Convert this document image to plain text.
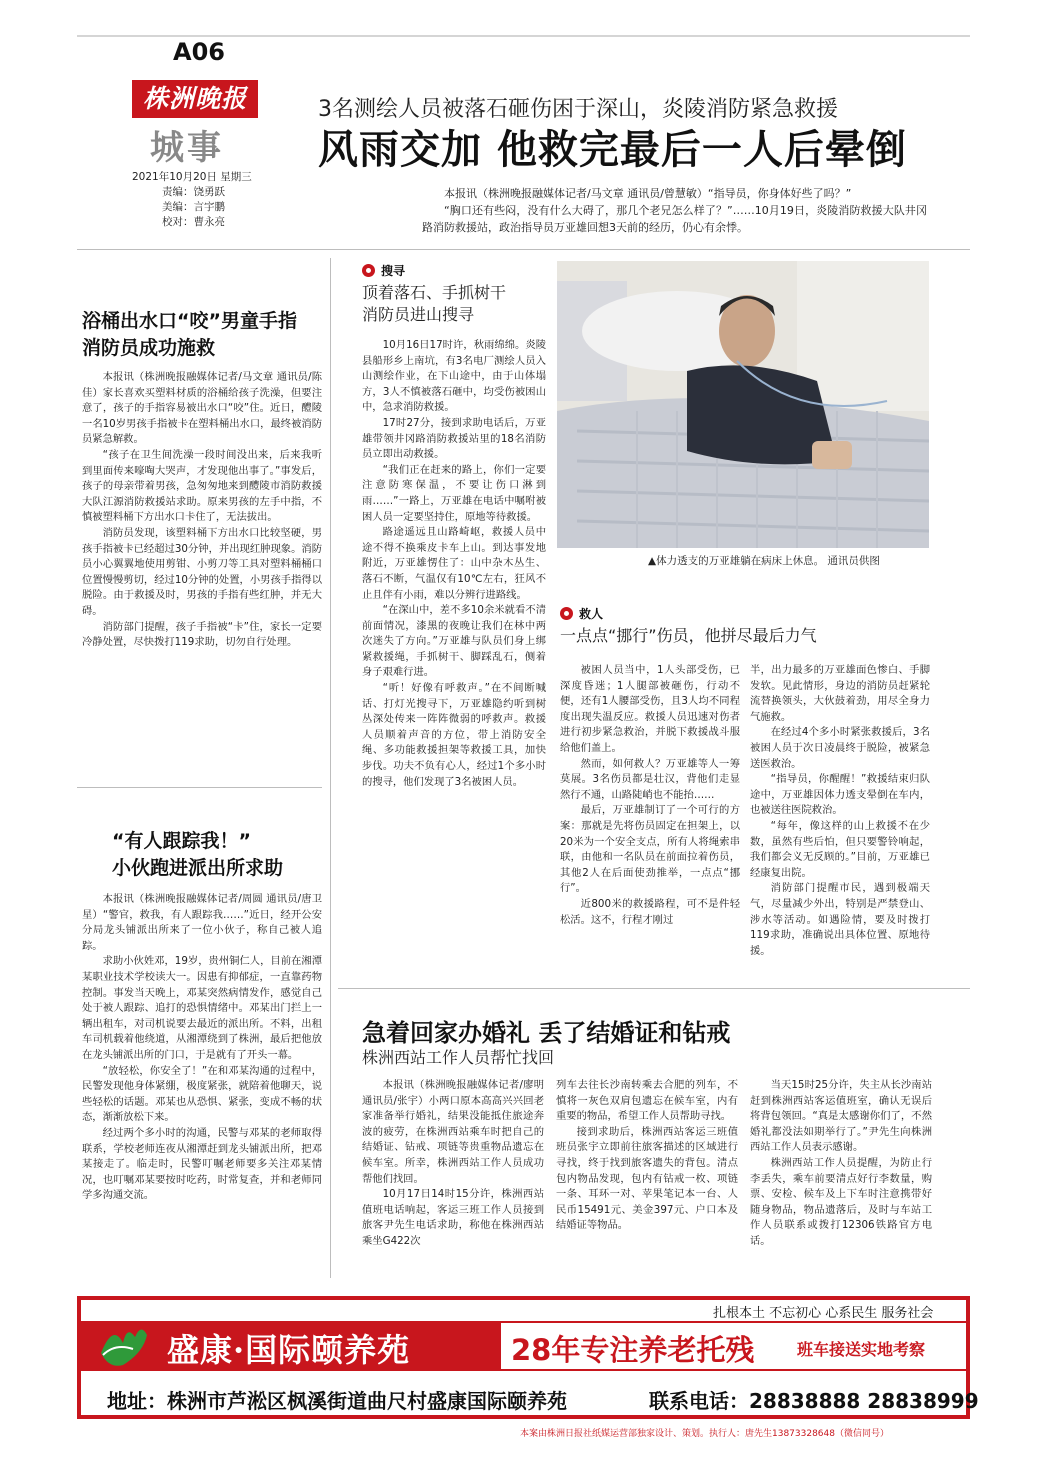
A06
株洲晚报
城事
2021年10月20日 星期三
责编：饶勇跃
美编：言宇鹏
校对：曹永亮
3名测绘人员被落石砸伤困于深山，炎陵消防紧急救援
风雨交加 他救完最后一人后晕倒

本报讯（株洲晚报融媒体记者/马文章 通讯员/曾慧敏）“指导员，你身体好些了吗？”

“胸口还有些闷，没有什么大碍了，那几个老兄怎么样了？”……10月19日，炎陵消防救援大队井冈路消防救援站，政治指导员万亚雄回想3天前的经历，仍心有余悸。

浴桶出水口“咬”男童手指
消防员成功施救

本报讯（株洲晚报融媒体记者/马文章 通讯员/陈佳）家长喜欢买塑料材质的浴桶给孩子洗澡，但要注意了，孩子的手指容易被出水口“咬”住。近日，醴陵一名10岁男孩手指被卡在塑料桶出水口，最终被消防员紧急解救。

“孩子在卫生间洗澡一段时间没出来，后来我听到里面传来嚎啕大哭声，才发现他出事了。”事发后，孩子的母亲带着男孩，急匆匆地来到醴陵市消防救援大队江源消防救援站求助。原来男孩的左手中指，不慎被塑料桶下方出水口卡住了，无法拔出。

消防员发现，该塑料桶下方出水口比较坚硬，男孩手指被卡已经超过30分钟，并出现红肿现象。消防员小心翼翼地使用剪钳、小剪刀等工具对塑料桶桶口位置慢慢剪切，经过10分钟的处置，小男孩手指得以脱险。由于救援及时，男孩的手指有些红肿，并无大碍。

消防部门提醒，孩子手指被“卡”住，家长一定要冷静处置，尽快拨打119求助，切勿自行处理。

“有人跟踪我！”
小伙跑进派出所求助

本报讯（株洲晚报融媒体记者/周圆 通讯员/唐卫星）“警官，救我，有人跟踪我……”近日，经开公安分局龙头铺派出所来了一位小伙子，称自己被人追踪。

求助小伙姓邓，19岁，贵州铜仁人，目前在湘潭某职业技术学校读大一。因患有抑郁症，一直靠药物控制。事发当天晚上，邓某突然病情发作，感觉自己处于被人跟踪、追打的恐惧情绪中。邓某出门拦上一辆出租车，对司机说要去最近的派出所。不料，出租车司机载着他绕道，从湘潭绕到了株洲，最后把他放在龙头铺派出所的门口，于是就有了开头一幕。

“放轻松，你安全了！”在和邓某沟通的过程中，民警发现他身体紧绷，极度紧张，就陪着他聊天，说些轻松的话题。邓某也从恐惧、紧张，变成不畅的状态，渐渐放松下来。

经过两个多小时的沟通，民警与邓某的老师取得联系，学校老师连夜从湘潭赶到龙头铺派出所，把邓某接走了。临走时，民警叮嘱老师要多关注邓某情况，也叮嘱邓某要按时吃药，时常复查，并和老师同学多沟通交流。

搜寻
顶着落石、手抓树干
消防员进山搜寻

10月16日17时许，秋雨绵绵。炎陵县船形乡上南坑，有3名电厂测绘人员入山测绘作业，在下山途中，由于山体塌方，3人不慎被落石砸中，均受伤被困山中，急求消防救援。

17时27分，接到求助电话后，万亚雄带领井冈路消防救援站里的18名消防员立即出动救援。

“我们正在赶来的路上，你们一定要注意防寒保温，不要让伤口淋到雨……”一路上，万亚雄在电话中嘱咐被困人员一定要坚持住，原地等待救援。

路途遥远且山路崎岖，救援人员中途不得不换乘皮卡车上山。到达事发地附近，万亚雄愣住了：山中杂木丛生、落石不断，气温仅有10℃左右，狂风不止且伴有小雨，难以分辨行进路线。

“在深山中，差不多10余米就看不清前面情况，漆黑的夜晚让我们在林中两次迷失了方向。”万亚雄与队员们身上绑紧救援绳，手抓树干、脚踩乱石，侧着身子艰难行进。

“听！好像有呼救声。”在不间断喊话、打灯光搜寻下，万亚雄隐约听到树丛深处传来一阵阵微弱的呼救声。救援人员顺着声音的方位，带上消防安全绳、多功能救援担架等救援工具，加快步伐。功夫不负有心人，经过1个多小时的搜寻，他们发现了3名被困人员。

▲体力透支的万亚雄躺在病床上休息。 通讯员供图
救人
一点点“挪行”伤员，他拼尽最后力气

被困人员当中，1人头部受伤，已深度昏迷；1人腿部被砸伤，行动不便，还有1人腰部受伤，且3人均不同程度出现失温反应。救援人员迅速对伤者进行初步紧急救治，并脱下救援战斗服给他们盖上。

然而，如何救人？万亚雄等人一筹莫展。3名伤员都是壮汉，背他们走显然行不通，山路陡峭也不能抬……

最后，万亚雄制订了一个可行的方案：那就是先将伤员固定在担架上，以20米为一个安全支点，所有人将绳索串联，由他和一名队员在前面拉着伤员，其他2人在后面使劲推举，一点点“挪行”。

近800米的救援路程，可不是件轻松活。这不，行程才刚过

半，出力最多的万亚雄面色惨白、手脚发软。见此情形，身边的消防员赶紧轮流替换领头，大伙鼓着劲，用尽全身力气施救。

在经过4个多小时紧张救援后，3名被困人员于次日凌晨终于脱险，被紧急送医救治。

“指导员，你醒醒！”救援结束归队途中，万亚雄因体力透支晕倒在车内，也被送往医院救治。

“每年，像这样的山上救援不在少数，虽然有些后怕，但只要警铃响起，我们都会义无反顾的。”目前，万亚雄已经康复出院。

消防部门提醒市民，遇到极端天气，尽量减少外出，特别是严禁登山、涉水等活动。如遇险情，要及时拨打119求助，准确说出具体位置、原地待援。

急着回家办婚礼 丢了结婚证和钻戒
株洲西站工作人员帮忙找回

本报讯（株洲晚报融媒体记者/廖明 通讯员/张宇）小两口原本高高兴兴回老家准备举行婚礼，结果没能抵住旅途奔波的疲劳，在株洲西站乘车时把自己的结婚证、钻戒、项链等贵重物品遗忘在候车室。所幸，株洲西站工作人员成功帮他们找回。

10月17日14时15分许，株洲西站值班电话响起，客运三班工作人员接到旅客尹先生电话求助，称他在株洲西站乘坐G422次

列车去往长沙南转乘去合肥的列车，不慎将一灰色双肩包遗忘在候车室，内有重要的物品，希望工作人员帮助寻找。

接到求助后，株洲西站客运三班值班员张宇立即前往旅客描述的区域进行寻找，终于找到旅客遗失的背包。清点包内物品发现，包内有钻戒一枚、项链一条、耳环一对、苹果笔记本一台、人民币15491元、美金397元、户口本及结婚证等物品。

当天15时25分许，失主从长沙南站赶到株洲西站客运值班室，确认无误后将背包领回。“真是太感谢你们了，不然婚礼都没法如期举行了。”尹先生向株洲西站工作人员表示感谢。

株洲西站工作人员提醒，为防止行李丢失，乘车前要清点好行李数量，购票、安检、候车及上下车时注意携带好随身物品，物品遗落后，及时与车站工作人员联系或拨打12306铁路官方电话。

扎根本土 不忘初心 心系民生 服务社会
盛康·国际颐养苑	28年专注养老托残	班车接送实地考察
地址：株洲市芦淞区枫溪街道曲尺村盛康国际颐养苑	联系电话：28838888 28838999
本案由株洲日报社纸媒运营部独家设计、策划。执行人：唐先生13873328648（微信同号）
